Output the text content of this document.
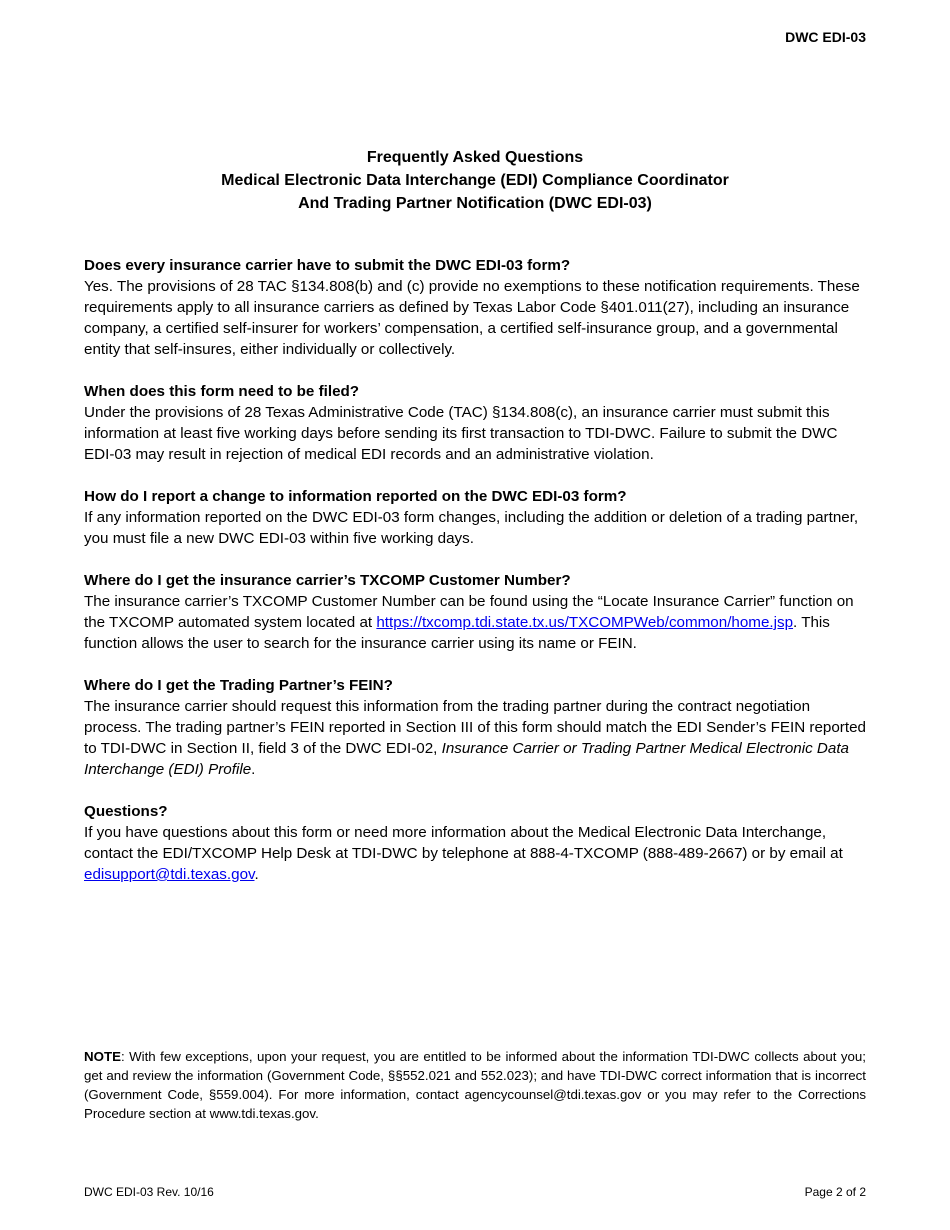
DWC EDI-03
Frequently Asked Questions
Medical Electronic Data Interchange (EDI) Compliance Coordinator
And Trading Partner Notification (DWC EDI-03)
Does every insurance carrier have to submit the DWC EDI-03 form?

Yes. The provisions of 28 TAC §134.808(b) and (c) provide no exemptions to these notification requirements. These requirements apply to all insurance carriers as defined by Texas Labor Code §401.011(27), including an insurance company, a certified self-insurer for workers’ compensation, a certified self-insurance group, and a governmental entity that self-insures, either individually or collectively.

When does this form need to be filed?

Under the provisions of 28 Texas Administrative Code (TAC) §134.808(c), an insurance carrier must submit this information at least five working days before sending its first transaction to TDI-DWC. Failure to submit the DWC EDI-03 may result in rejection of medical EDI records and an administrative violation.

How do I report a change to information reported on the DWC EDI-03 form?

If any information reported on the DWC EDI-03 form changes, including the addition or deletion of a trading partner, you must file a new DWC EDI-03 within five working days.

Where do I get the insurance carrier’s TXCOMP Customer Number?

The insurance carrier’s TXCOMP Customer Number can be found using the “Locate Insurance Carrier” function on the TXCOMP automated system located at https://txcomp.tdi.state.tx.us/TXCOMPWeb/common/home.jsp. This function allows the user to search for the insurance carrier using its name or FEIN.

Where do I get the Trading Partner’s FEIN?

The insurance carrier should request this information from the trading partner during the contract negotiation process. The trading partner’s FEIN reported in Section III of this form should match the EDI Sender’s FEIN reported to TDI-DWC in Section II, field 3 of the DWC EDI-02, Insurance Carrier or Trading Partner Medical Electronic Data Interchange (EDI) Profile.

Questions?

If you have questions about this form or need more information about the Medical Electronic Data Interchange, contact the EDI/TXCOMP Help Desk at TDI-DWC by telephone at 888-4-TXCOMP (888-489-2667) or by email at edisupport@tdi.texas.gov.

NOTE: With few exceptions, upon your request, you are entitled to be informed about the information TDI-DWC collects about you; get and review the information (Government Code, §§552.021 and 552.023); and have TDI-DWC correct information that is incorrect (Government Code, §559.004). For more information, contact agencycounsel@tdi.texas.gov or you may refer to the Corrections Procedure section at www.tdi.texas.gov.
DWC EDI-03 Rev. 10/16	Page 2 of 2
